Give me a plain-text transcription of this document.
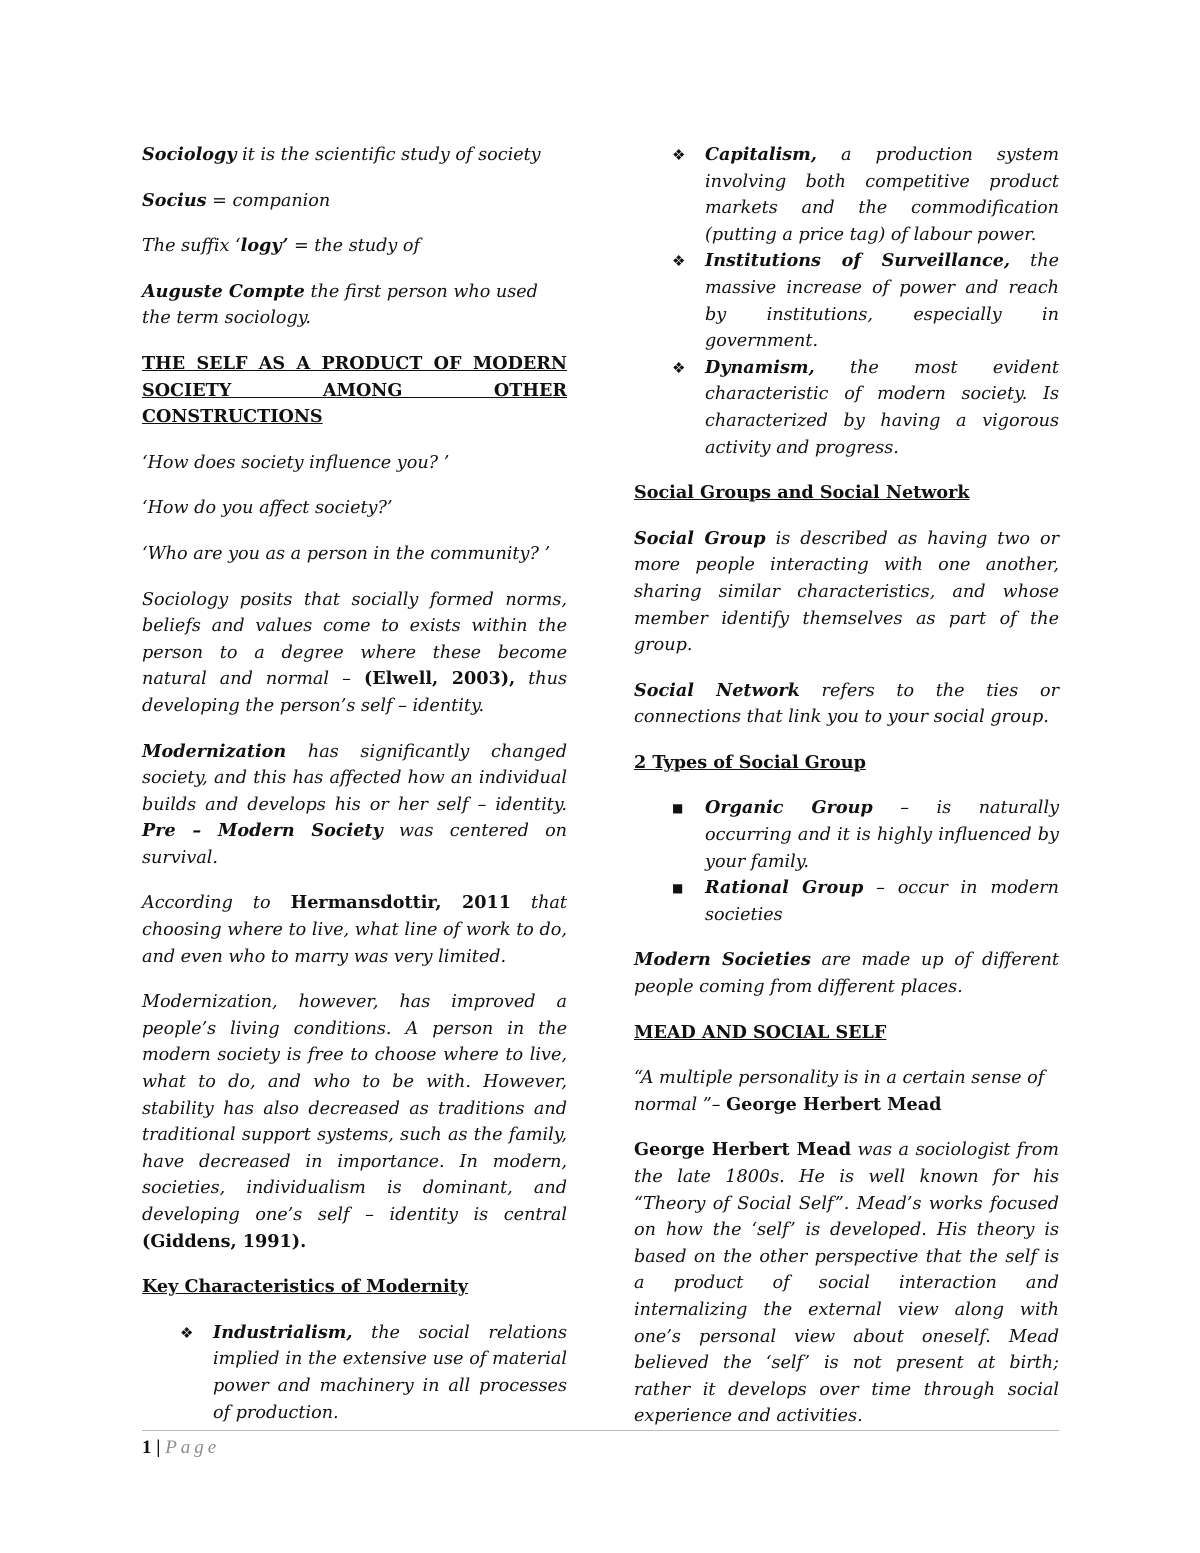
Sociology it is the scientific study of society

Socius = companion

The suffix ‘logy’ = the study of

Auguste Compte the first person who used the term sociology.

THE SELF AS A PRODUCT OF MODERN SOCIETY AMONG OTHER CONSTRUCTIONS

‘How does society influence you? ’

‘How do you affect society?’

‘Who are you as a person in the community? ’

Sociology posits that socially formed norms, beliefs and values come to exists within the person to a degree where these become natural and normal – (Elwell, 2003), thus developing the person’s self – identity.

Modernization has significantly changed society, and this has affected how an individual builds and develops his or her self – identity. Pre – Modern Society was centered on survival.

According to Hermansdottir, 2011 that choosing where to live, what line of work to do, and even who to marry was very limited.

Modernization, however, has improved a people’s living conditions. A person in the modern society is free to choose where to live, what to do, and who to be with. However, stability has also decreased as traditions and traditional support systems, such as the family, have decreased in importance. In modern, societies, individualism is dominant, and developing one’s self – identity is central (Giddens, 1991).

Key Characteristics of Modernity
❖ Industrialism, the social relations implied in the extensive use of material power and machinery in all processes of production.
❖ Capitalism, a production system involving both competitive product markets and the commodification (putting a price tag) of labour power.
❖ Institutions of Surveillance, the massive increase of power and reach by institutions, especially in government.
❖ Dynamism, the most evident characteristic of modern society. Is characterized by having a vigorous activity and progress.
Social Groups and Social Network

Social Group is described as having two or more people interacting with one another, sharing similar characteristics, and whose member identify themselves as part of the group.

Social Network refers to the ties or connections that link you to your social group.

2 Types of Social Group
■ Organic Group – is naturally occurring and it is highly influenced by your family.
■ Rational Group – occur in modern societies

Modern Societies are made up of different people coming from different places.

MEAD AND SOCIAL SELF

“A multiple personality is in a certain sense of normal ”– George Herbert Mead

George Herbert Mead was a sociologist from the late 1800s. He is well known for his “Theory of Social Self”. Mead’s works focused on how the ‘self’ is developed. His theory is based on the other perspective that the self is a product of social interaction and internalizing the external view along with one’s personal view about oneself. Mead believed the ‘self’ is not present at birth; rather it develops over time through social experience and activities.

1 | Page
